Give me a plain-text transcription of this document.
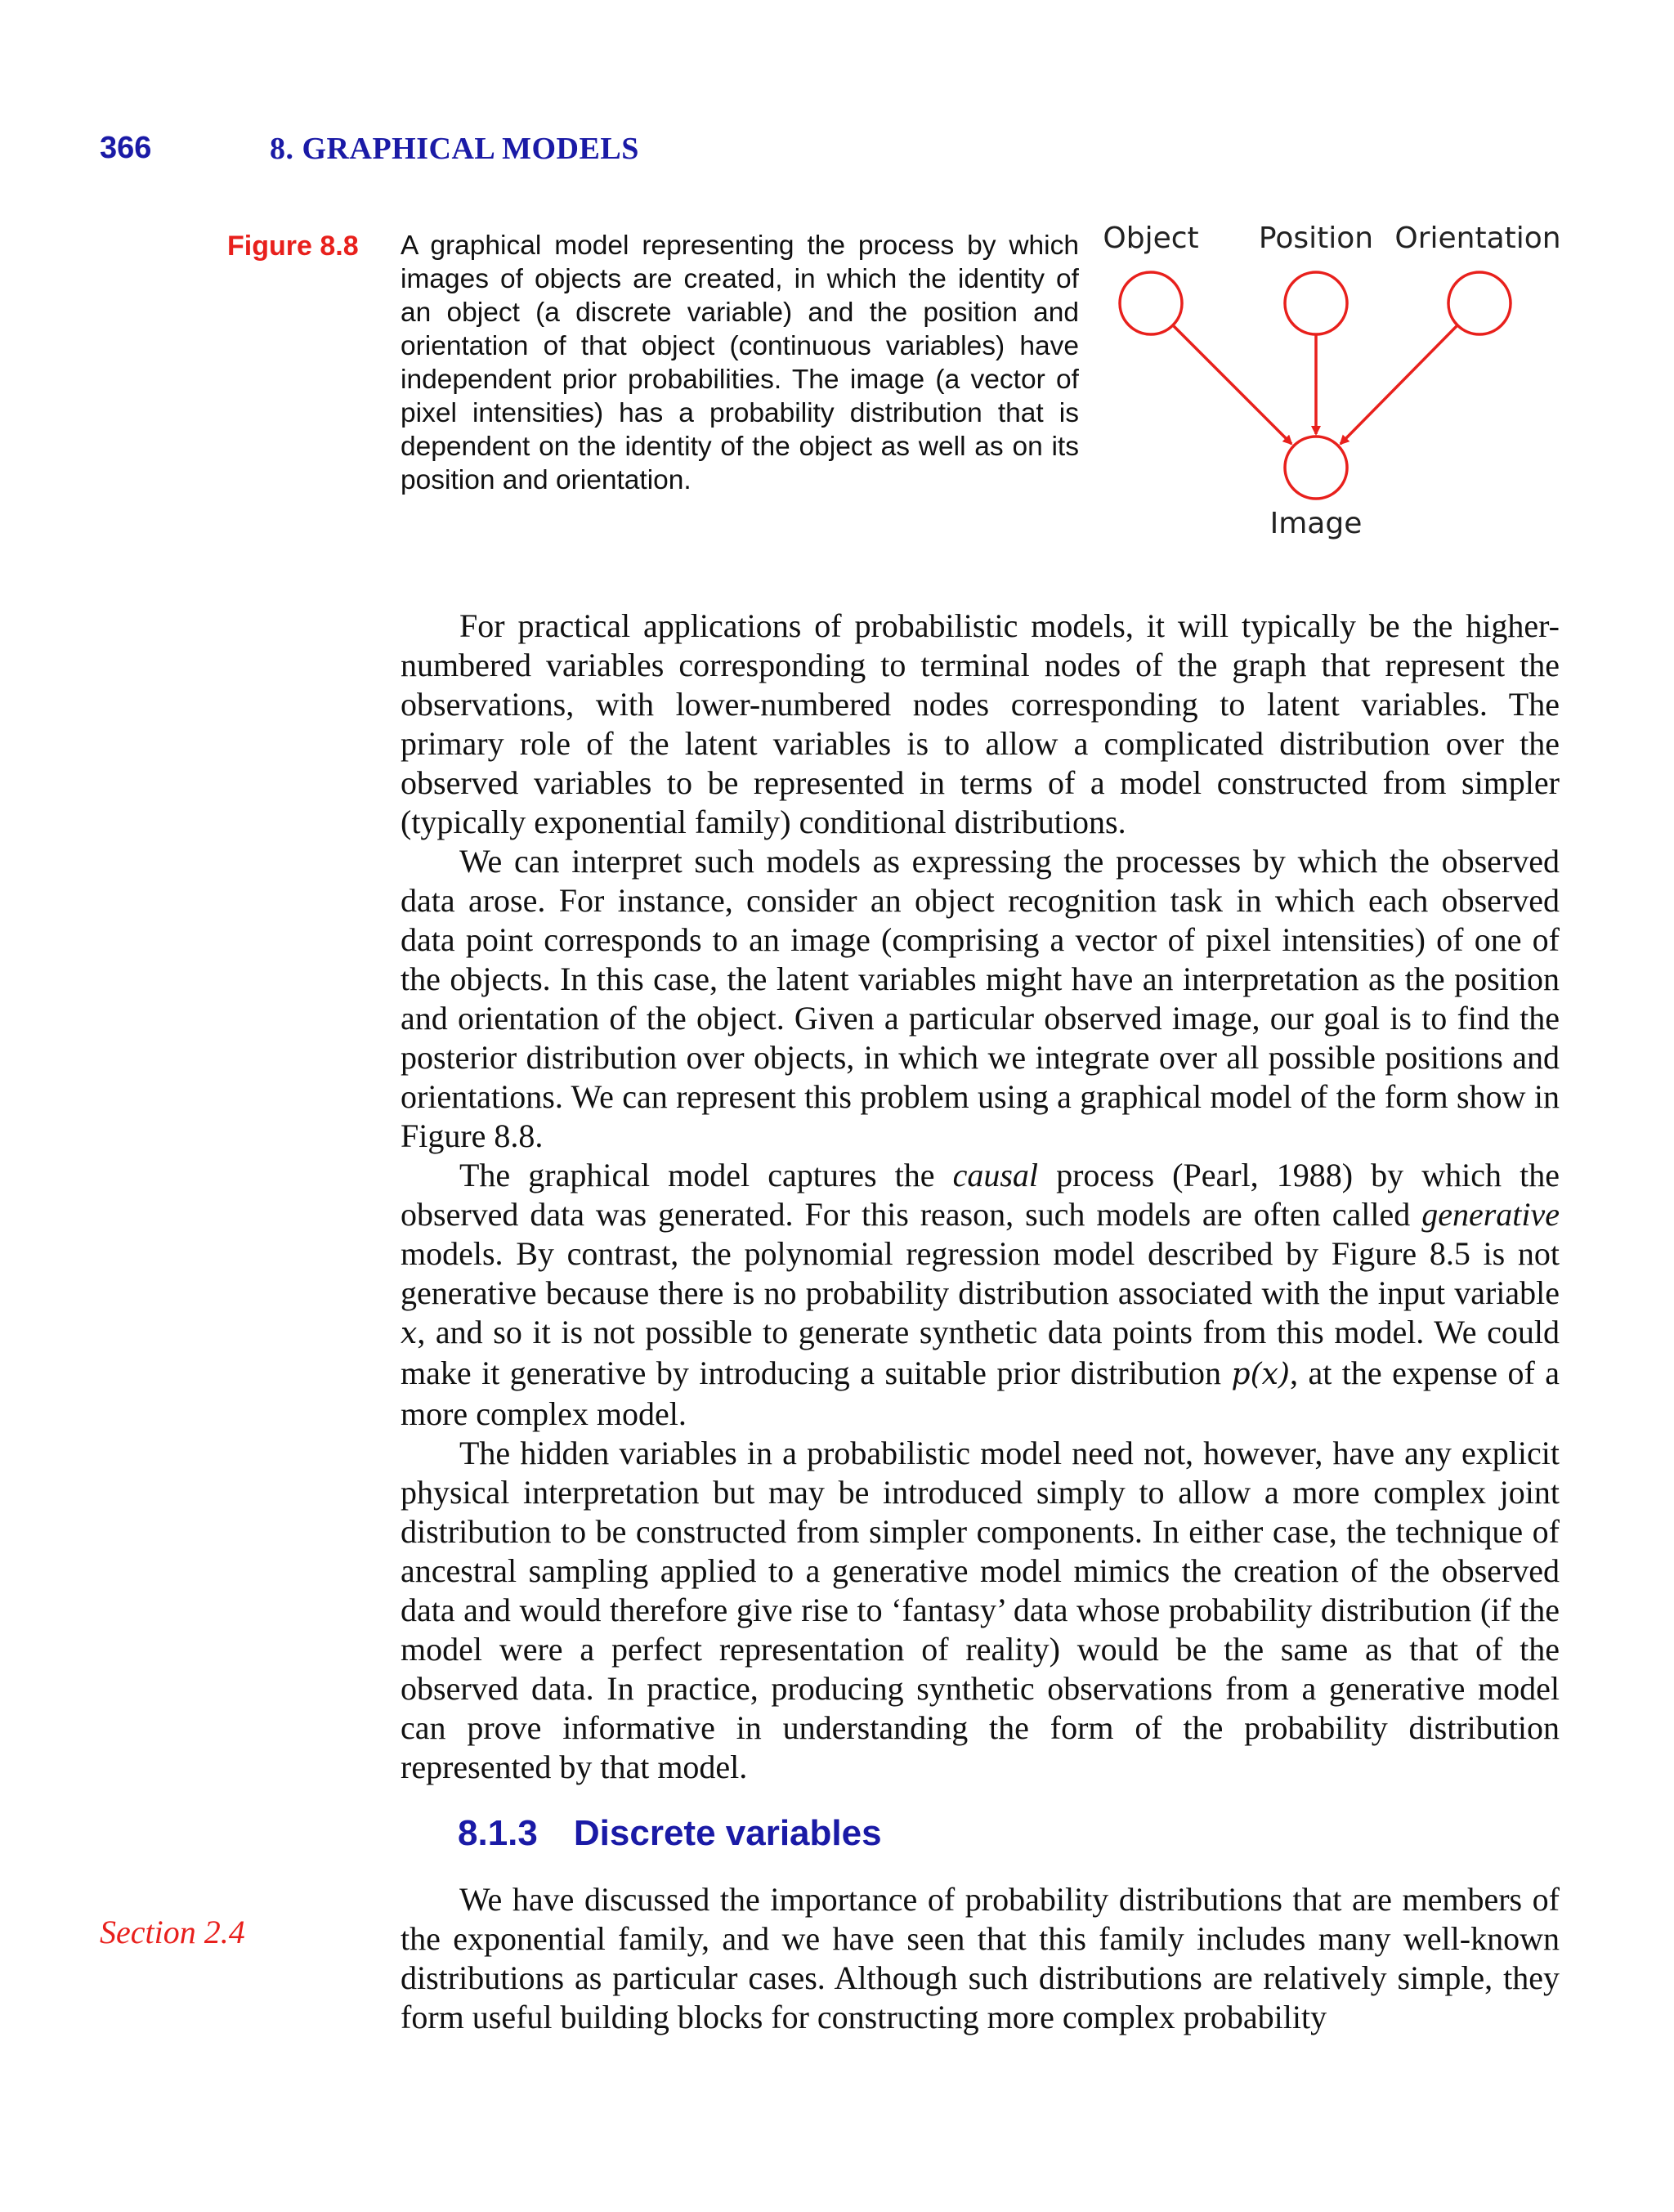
366	8. GRAPHICAL MODELS
Figure 8.8 A graphical model representing the process by which images of objects are created, in which the identity of an object (a discrete variable) and the position and orientation of that object (continuous variables) have independent prior probabilities. The image (a vector of pixel intensities) has a probability distribution that is dependent on the identity of the object as well as on its position and orientation.
Object Position Orientation
Image

For practical applications of probabilistic models, it will typically be the higher-numbered variables corresponding to terminal nodes of the graph that represent the observations, with lower-numbered nodes corresponding to latent variables. The primary role of the latent variables is to allow a complicated distribution over the observed variables to be represented in terms of a model constructed from simpler (typically exponential family) conditional distributions.

We can interpret such models as expressing the processes by which the observed data arose. For instance, consider an object recognition task in which each observed data point corresponds to an image (comprising a vector of pixel intensities) of one of the objects. In this case, the latent variables might have an interpretation as the position and orientation of the object. Given a particular observed image, our goal is to find the posterior distribution over objects, in which we integrate over all possible positions and orientations. We can represent this problem using a graphical model of the form show in Figure 8.8.

The graphical model captures the causal process (Pearl, 1988) by which the observed data was generated. For this reason, such models are often called generative models. By contrast, the polynomial regression model described by Figure 8.5 is not generative because there is no probability distribution associated with the input variable x, and so it is not possible to generate synthetic data points from this model. We could make it generative by introducing a suitable prior distribution p(x), at the expense of a more complex model.

The hidden variables in a probabilistic model need not, however, have any explicit physical interpretation but may be introduced simply to allow a more complex joint distribution to be constructed from simpler components. In either case, the technique of ancestral sampling applied to a generative model mimics the creation of the observed data and would therefore give rise to ‘fantasy’ data whose probability distribution (if the model were a perfect representation of reality) would be the same as that of the observed data. In practice, producing synthetic observations from a generative model can prove informative in understanding the form of the probability distribution represented by that model.

8.1.3 Discrete variables
Section 2.4

We have discussed the importance of probability distributions that are members of the exponential family, and we have seen that this family includes many well-known distributions as particular cases. Although such distributions are relatively simple, they form useful building blocks for constructing more complex probability
